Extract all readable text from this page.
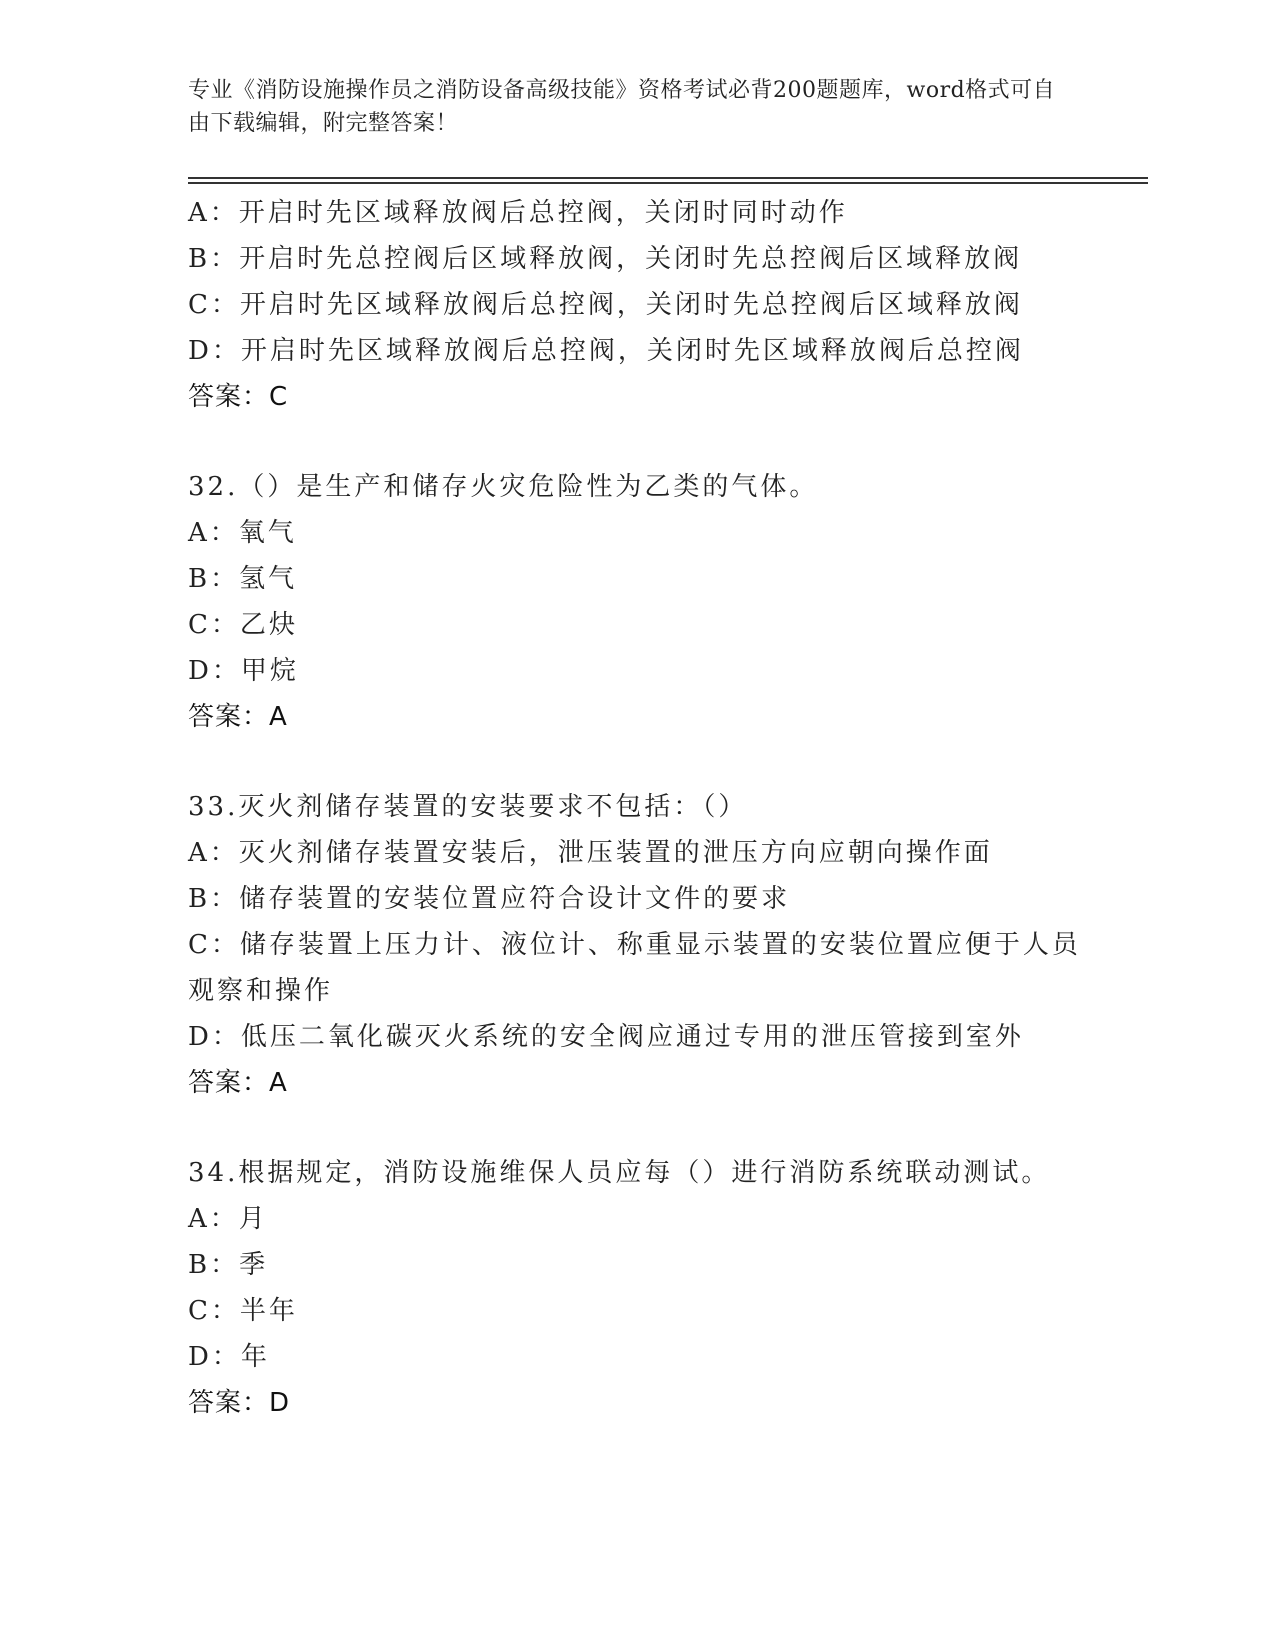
专业《消防设施操作员之消防设备高级技能》资格考试必背200题题库，word格式可自由下载编辑，附完整答案！
A：开启时先区域释放阀后总控阀，关闭时同时动作
B：开启时先总控阀后区域释放阀，关闭时先总控阀后区域释放阀
C：开启时先区域释放阀后总控阀，关闭时先总控阀后区域释放阀
D：开启时先区域释放阀后总控阀，关闭时先区域释放阀后总控阀
答案：C
32.（）是生产和储存火灾危险性为乙类的气体。
A：氧气
B：氢气
C：乙炔
D：甲烷
答案：A
33.灭火剂储存装置的安装要求不包括：（）
A：灭火剂储存装置安装后，泄压装置的泄压方向应朝向操作面
B：储存装置的安装位置应符合设计文件的要求
C：储存装置上压力计、液位计、称重显示装置的安装位置应便于人员观察和操作
D：低压二氧化碳灭火系统的安全阀应通过专用的泄压管接到室外
答案：A
34.根据规定，消防设施维保人员应每（）进行消防系统联动测试。
A：月
B：季
C：半年
D：年
答案：D
